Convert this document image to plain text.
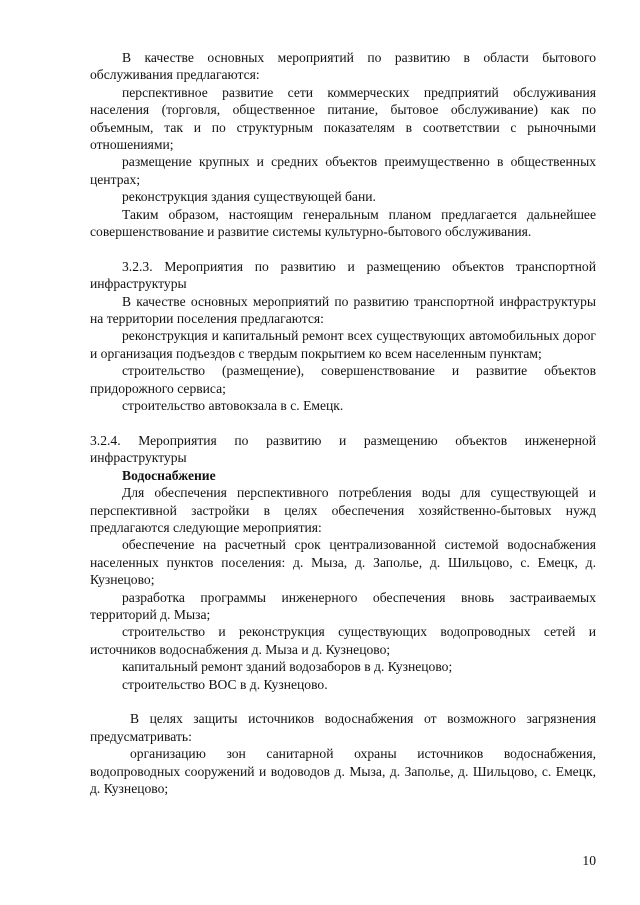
В качестве основных мероприятий по развитию в области бытового обслуживания предлагаются:

перспективное развитие сети коммерческих предприятий обслуживания населения (торговля, общественное питание, бытовое обслуживание) как по объемным, так и по структурным показателям в соответствии с рыночными отношениями;

размещение крупных и средних объектов преимущественно в общественных центрах;

реконструкция здания существующей бани.

Таким образом, настоящим генеральным планом предлагается дальнейшее совершенствование и развитие системы культурно-бытового обслуживания.

3.2.3. Мероприятия по развитию и размещению объектов транспортной инфраструктуры

В качестве основных мероприятий по развитию транспортной инфраструктуры на территории поселения предлагаются:

реконструкция и капитальный ремонт всех существующих автомобильных дорог и организация подъездов с твердым покрытием ко всем населенным пунктам;

строительство (размещение), совершенствование и развитие объектов придорожного сервиса;

строительство автовокзала в с. Емецк.

3.2.4. Мероприятия по развитию и размещению объектов инженерной инфраструктуры

Водоснабжение

Для обеспечения перспективного потребления воды для существующей и перспективной застройки в целях обеспечения хозяйственно-бытовых нужд предлагаются следующие мероприятия:

обеспечение на расчетный срок централизованной системой водоснабжения населенных пунктов поселения: д. Мыза, д. Заполье, д. Шильцово, с. Емецк, д. Кузнецово;

разработка программы инженерного обеспечения вновь застраиваемых территорий д. Мыза;

строительство и реконструкция существующих водопроводных сетей и источников водоснабжения д. Мыза и д. Кузнецово;

капитальный ремонт зданий водозаборов в д. Кузнецово;

строительство ВОС в д. Кузнецово.

В целях защиты источников водоснабжения от возможного загрязнения предусматривать:

организацию зон санитарной охраны источников водоснабжения, водопроводных сооружений и водоводов д. Мыза, д. Заполье, д. Шильцово, с. Емецк, д. Кузнецово;

10
